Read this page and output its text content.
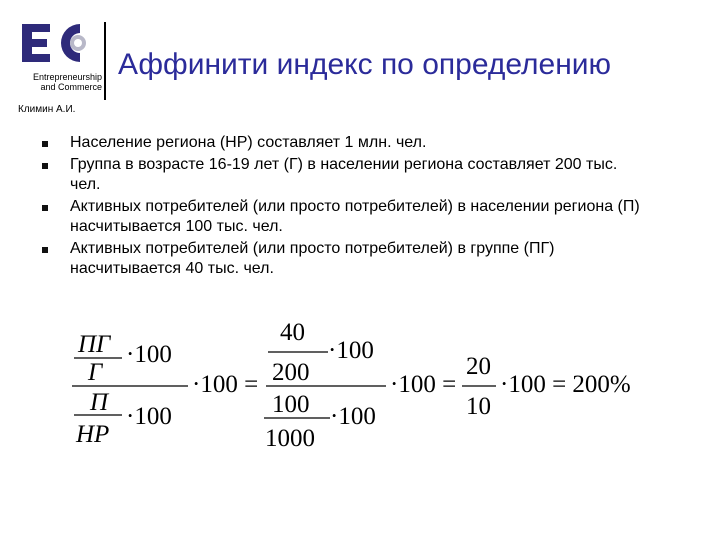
Entrepreneurship
and Commerce
Аффинити индекс по определению
Климин А.И.
Население региона (НР) составляет 1 млн. чел.
Группа в возрасте 16-19 лет (Г) в населении региона составляет 200 тыс. чел.
Активных потребителей (или просто потребителей) в населении региона (П) насчитывается 100 тыс. чел.
Активных потребителей (или просто потребителей) в группе (ПГ) насчитывается 40 тыс. чел.
ПГ
Г
·100
П
НР
·100
·100 =
40
200
·100
100
1000
·100
·100 =
20
10
·100 = 200%
